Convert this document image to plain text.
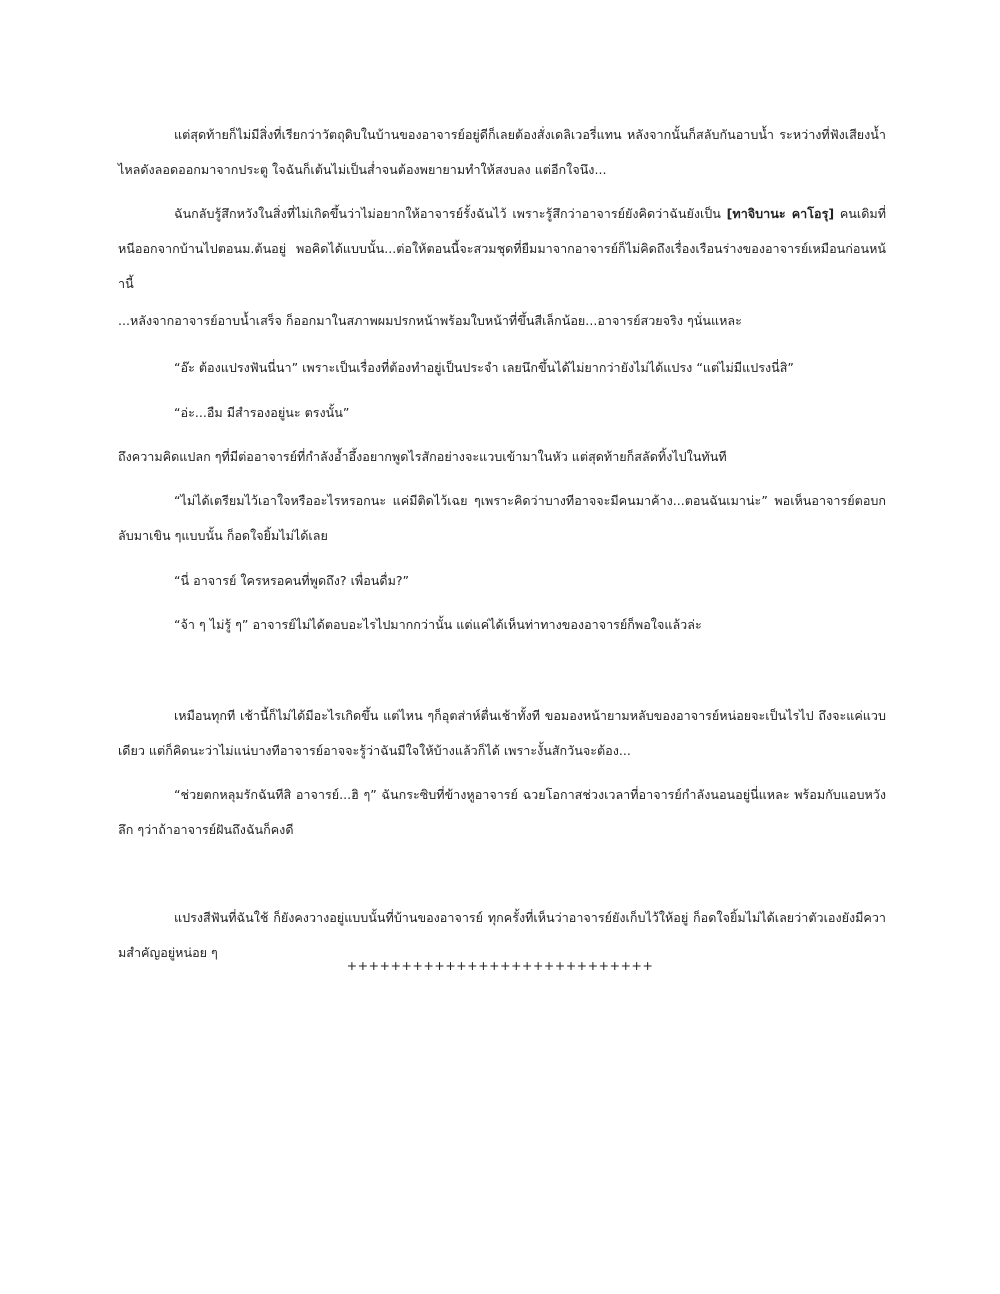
แต่สุดท้ายก็ไม่มีสิ่งที่เรียกว่าวัตถุดิบในบ้านของอาจารย์อยู่ดีก็เลยต้องสั่งเดลิเวอรี่แทน หลังจากนั้นก็สลับกันอาบน้ำ ระหว่างที่ฟังเสียงน้ำไหลดังลอดออกมาจากประตู ใจฉันก็เต้นไม่เป็นส่ำจนต้องพยายามทำให้สงบลง แต่อีกใจนึง...

ฉันกลับรู้สึกหวังในสิ่งที่ไม่เกิดขึ้นว่าไม่อยากให้อาจารย์รั้งฉันไว้ เพราะรู้สึกว่าอาจารย์ยังคิดว่าฉันยังเป็น [ทาจิบานะ คาโอรุ] คนเดิมที่หนีออกจากบ้านไปตอนม.ต้นอยู่ พอคิดได้แบบนั้น...ต่อให้ตอนนี้จะสวมชุดที่ยืมมาจากอาจารย์ก็ไม่คิดถึงเรื่องเรือนร่างของอาจารย์เหมือนก่อนหน้านี้

...หลังจากอาจารย์อาบน้ำเสร็จ ก็ออกมาในสภาพผมปรกหน้าพร้อมใบหน้าที่ขึ้นสีเล็กน้อย...อาจารย์สวยจริง ๆนั่นแหละ

“อ๊ะ ต้องแปรงฟันนี่นา” เพราะเป็นเรื่องที่ต้องทำอยู่เป็นประจำ เลยนึกขึ้นได้ไม่ยากว่ายังไม่ได้แปรง “แต่ไม่มีแปรงนี่สิ”

“อ่ะ...อืม มีสำรองอยู่นะ ตรงนั้น”

ถึงความคิดแปลก ๆที่มีต่ออาจารย์ที่กำลังอ้ำอึ้งอยากพูดไรสักอย่างจะแวบเข้ามาในหัว แต่สุดท้ายก็สลัดทิ้งไปในทันที

“ไม่ได้เตรียมไว้เอาใจหรืออะไรหรอกนะ แค่มีติดไว้เฉย ๆเพราะคิดว่าบางทีอาจจะมีคนมาค้าง...ตอนฉันเมาน่ะ” พอเห็นอาจารย์ตอบกลับมาเขิน ๆแบบนั้น ก็อดใจยิ้มไม่ได้เลย

“นี่ อาจารย์ ใครหรอคนที่พูดถึง? เพื่อนดื่ม?”

“จ้า ๆ ไม่รู้ ๆ” อาจารย์ไม่ได้ตอบอะไรไปมากกว่านั้น แต่แค่ได้เห็นท่าทางของอาจารย์ก็พอใจแล้วล่ะ

เหมือนทุกที เช้านี้ก็ไม่ได้มีอะไรเกิดขึ้น แต่ไหน ๆก็อุตส่าห์ตื่นเช้าทั้งที ขอมองหน้ายามหลับของอาจารย์หน่อยจะเป็นไรไป ถึงจะแค่แวบเดียว แต่ก็คิดนะว่าไม่แน่บางทีอาจารย์อาจจะรู้ว่าฉันมีใจให้บ้างแล้วก็ได้ เพราะงั้นสักวันจะต้อง...

“ช่วยตกหลุมรักฉันทีสิ อาจารย์...ฮิ ๆ” ฉันกระซิบที่ข้างหูอาจารย์ ฉวยโอกาสช่วงเวลาที่อาจารย์กำลังนอนอยู่นี่แหละ พร้อมกับแอบหวังลึก ๆว่าถ้าอาจารย์ฝันถึงฉันก็คงดี

แปรงสีฟันที่ฉันใช้ ก็ยังคงวางอยู่แบบนั้นที่บ้านของอาจารย์ ทุกครั้งที่เห็นว่าอาจารย์ยังเก็บไว้ให้อยู่ ก็อดใจยิ้มไม่ได้เลยว่าตัวเองยังมีความสำคัญอยู่หน่อย ๆ

++++++++++++++++++++++++++++
